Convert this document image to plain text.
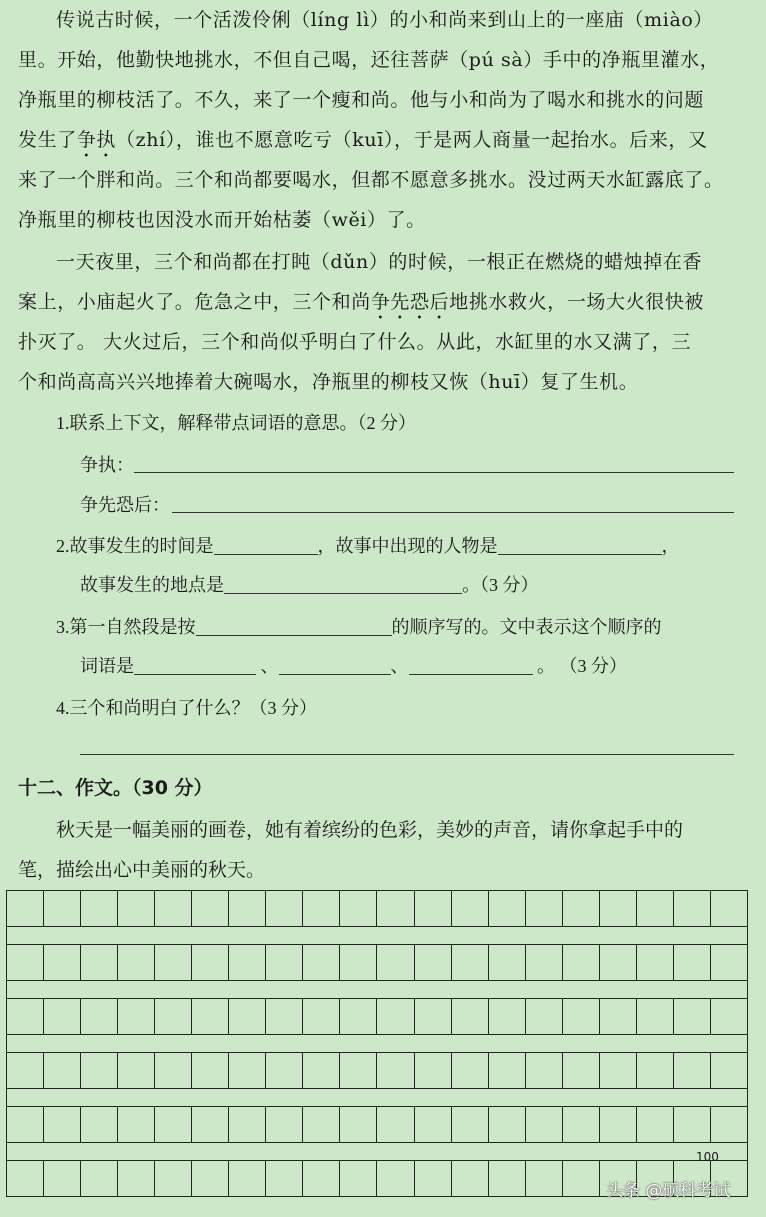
传说古时候，一个活泼伶俐（líng lì）的小和尚来到山上的一座庙（miào）
里。开始，他勤快地挑水，不但自己喝，还往菩萨（pú sà）手中的净瓶里灌水，
净瓶里的柳枝活了。不久，来了一个瘦和尚。他与小和尚为了喝水和挑水的问题
发生了争执（zhí），谁也不愿意吃亏（kuī），于是两人商量一起抬水。后来，又
来了一个胖和尚。三个和尚都要喝水，但都不愿意多挑水。没过两天水缸露底了。
净瓶里的柳枝也因没水而开始枯萎（wěi）了。
一天夜里，三个和尚都在打盹（dǔn）的时候，一根正在燃烧的蜡烛掉在香
案上，小庙起火了。危急之中，三个和尚争先恐后地挑水救火，一场大火很快被
扑灭了。 大火过后，三个和尚似乎明白了什么。从此，水缸里的水又满了，三
个和尚高高兴兴地捧着大碗喝水，净瓶里的柳枝又恢（huī）复了生机。
1.联系上下文，解释带点词语的意思。（2 分）
争执：
争先恐后：
2.故事发生的时间是	，故事中出现的人物是	，
故事发生的地点是	。（3 分）
3.第一自然段是按	的顺序写的。文中表示这个顺序的
词语是	、	、	。 （3 分）
4.三个和尚明白了什么？（3 分）
十二、作文。（30 分）
秋天是一幅美丽的画卷，她有着缤纷的色彩，美妙的声音，请你拿起手中的
笔，描绘出心中美丽的秋天。
100
头条 @硕科考试
